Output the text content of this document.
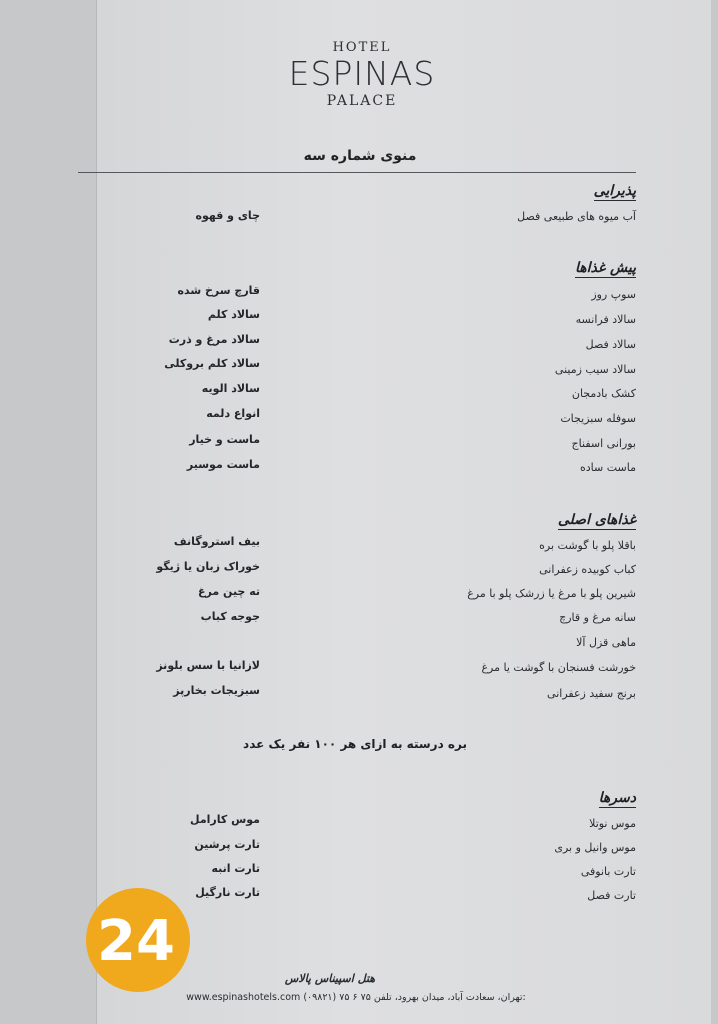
HOTEL
ESPINAS
PALACE
منوی شماره سه
پذیرایی
آب میوه های طبیعی فصل
چای و قهوه
پیش غذاها
سوپ روز
سالاد فرانسه
سالاد فصل
سالاد سیب زمینی
کشک بادمجان
سوفله سبزیجات
بورانی اسفناج
ماست ساده
قارچ سرخ شده
سالاد کلم
سالاد مرغ و ذرت
سالاد کلم بروکلی
سالاد الویه
انواع دلمه
ماست و خیار
ماست موسیر
غذاهای اصلی
باقلا پلو با گوشت بره
کباب کوبیده زعفرانی
شیرین پلو با مرغ یا زرشک پلو با مرغ
سانه مرغ و قارچ
ماهی قزل آلا
خورشت فسنجان با گوشت یا مرغ
برنج سفید زعفرانی
بیف استروگانف
خوراک زبان یا ژیگو
ته چین مرغ
جوجه کباب
لازانیا با سس بلونز
سبزیجات بخارپز
بره درسته به ازای هر ۱۰۰ نفر یک عدد
دسرها
موس نوتلا
موس وانیل و بری
تارت بانوفی
تارت فصل
موس کارامل
تارت پرشین
تارت انبه
تارت نارگیل
هتل اسپیناس پالاس
www.espinashotels.com (۰۹۸۲۱) ۷۵ ۶ ۷۵ تهران، سعادت آباد، میدان بهرود، تلفن:
24
